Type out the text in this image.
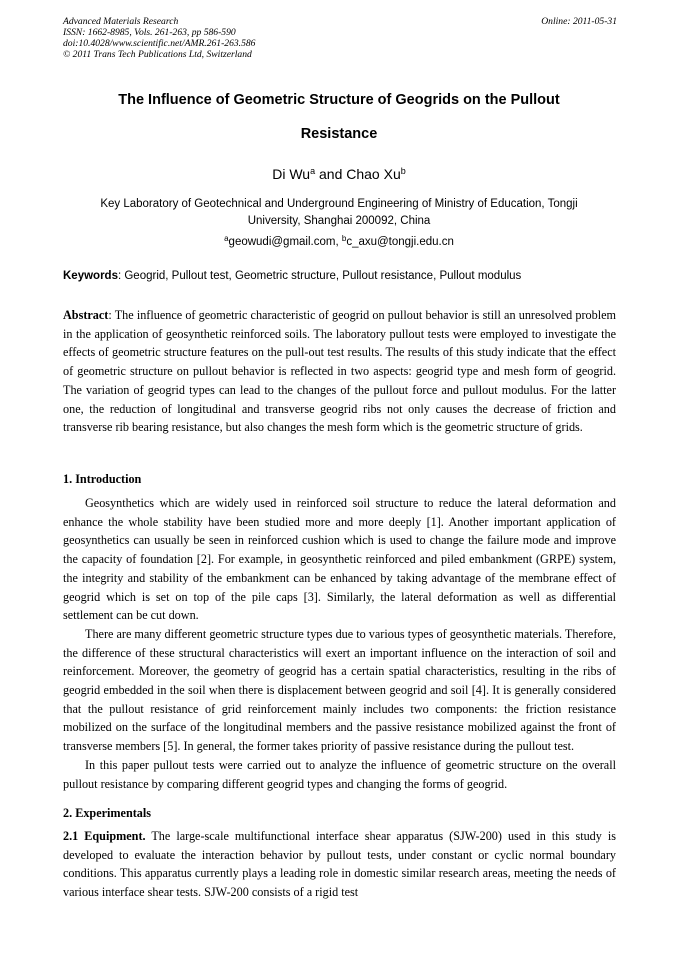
Advanced Materials Research
ISSN: 1662-8985, Vols. 261-263, pp 586-590
doi:10.4028/www.scientific.net/AMR.261-263.586
© 2011 Trans Tech Publications Ltd, Switzerland
Online: 2011-05-31
The Influence of Geometric Structure of Geogrids on the Pullout
Resistance
Di Wu$^a$ and Chao Xu$^b$
Key Laboratory of Geotechnical and Underground Engineering of Ministry of Education, Tongji
University, Shanghai 200092, China
$^a$geowudi@gmail.com, $^b$c_axu@tongji.edu.cn
Keywords: Geogrid, Pullout test, Geometric structure, Pullout resistance, Pullout modulus

Abstract: The influence of geometric characteristic of geogrid on pullout behavior is still an unresolved problem in the application of geosynthetic reinforced soils. The laboratory pullout tests were employed to investigate the effects of geometric structure features on the pull-out test results. The results of this study indicate that the effect of geometric structure on pullout behavior is reflected in two aspects: geogrid type and mesh form of geogrid. The variation of geogrid types can lead to the changes of the pullout force and pullout modulus. For the latter one, the reduction of longitudinal and transverse geogrid ribs not only causes the decrease of friction and transverse rib bearing resistance, but also changes the mesh form which is the geometric structure of grids.

1. Introduction

Geosynthetics which are widely used in reinforced soil structure to reduce the lateral deformation and enhance the whole stability have been studied more and more deeply [1]. Another important application of geosynthetics can usually be seen in reinforced cushion which is used to change the failure mode and improve the capacity of foundation [2]. For example, in geosynthetic reinforced and piled embankment (GRPE) system, the integrity and stability of the embankment can be enhanced by taking advantage of the membrane effect of geogrid which is set on top of the pile caps [3]. Similarly, the lateral deformation as well as differential settlement can be cut down.

There are many different geometric structure types due to various types of geosynthetic materials. Therefore, the difference of these structural characteristics will exert an important influence on the interaction of soil and reinforcement. Moreover, the geometry of geogrid has a certain spatial characteristics, resulting in the ribs of geogrid embedded in the soil when there is displacement between geogrid and soil [4]. It is generally considered that the pullout resistance of grid reinforcement mainly includes two components: the friction resistance mobilized on the surface of the longitudinal members and the passive resistance mobilized against the front of transverse members [5]. In general, the former takes priority of passive resistance during the pullout test.

In this paper pullout tests were carried out to analyze the influence of geometric structure on the overall pullout resistance by comparing different geogrid types and changing the forms of geogrid.

2. Experimentals

2.1 Equipment. The large-scale multifunctional interface shear apparatus (SJW-200) used in this study is developed to evaluate the interaction behavior by pullout tests, under constant or cyclic normal boundary conditions. This apparatus currently plays a leading role in domestic similar research areas, meeting the needs of various interface shear tests. SJW-200 consists of a rigid test
